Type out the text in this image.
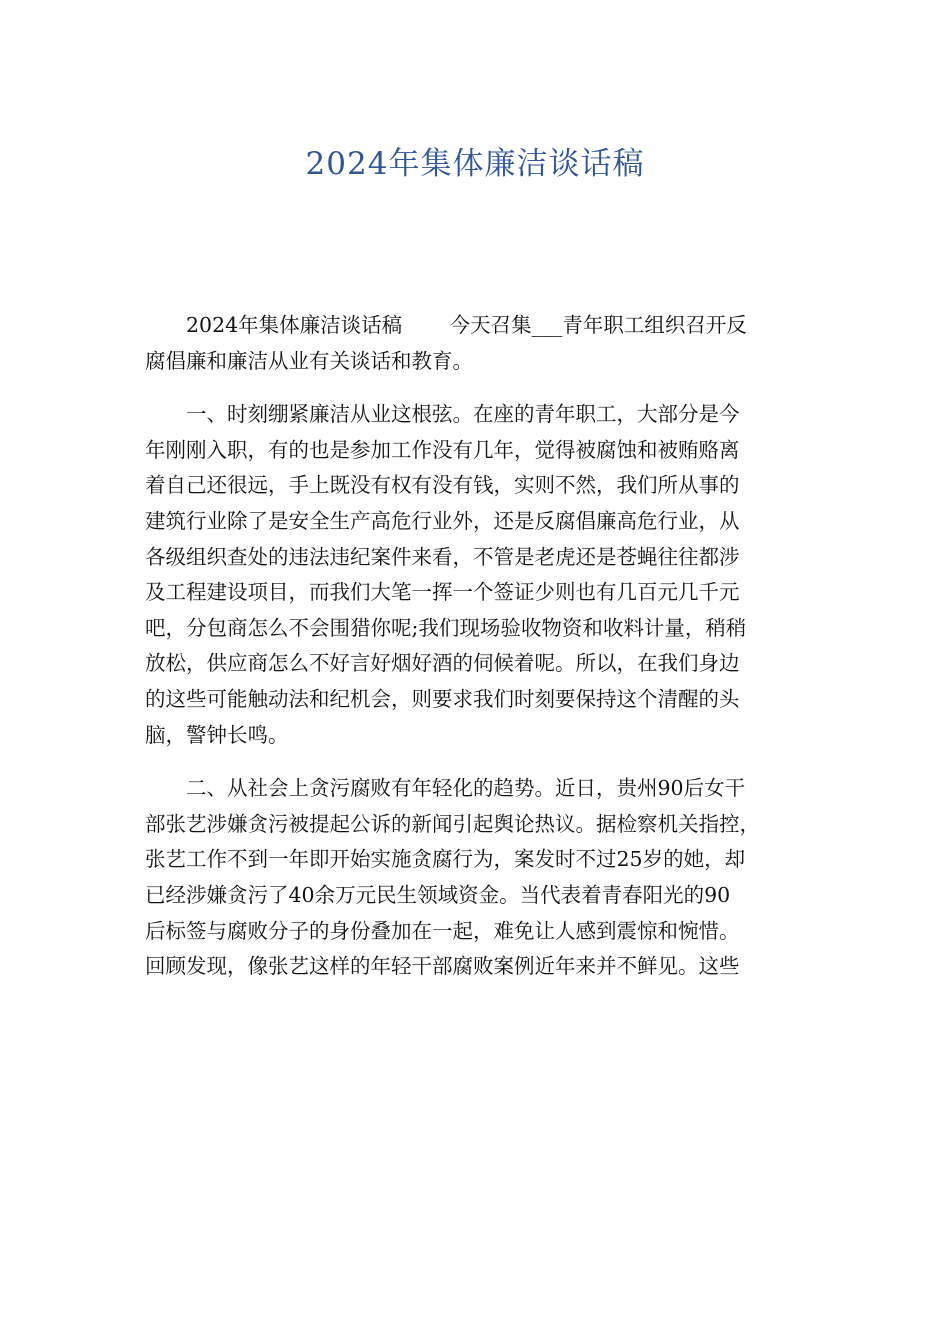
2024年集体廉洁谈话稿
　　2024年集体廉洁谈话稿　　 今天召集___青年职工组织召开反
腐倡廉和廉洁从业有关谈话和教育。
　　一、时刻绷紧廉洁从业这根弦。在座的青年职工，大部分是今
年刚刚入职，有的也是参加工作没有几年，觉得被腐蚀和被贿赂离
着自己还很远，手上既没有权有没有钱，实则不然，我们所从事的
建筑行业除了是安全生产高危行业外，还是反腐倡廉高危行业，从
各级组织查处的违法违纪案件来看，不管是老虎还是苍蝇往往都涉
及工程建设项目，而我们大笔一挥一个签证少则也有几百元几千元
吧，分包商怎么不会围猎你呢;我们现场验收物资和收料计量，稍稍
放松，供应商怎么不好言好烟好酒的伺候着呢。所以，在我们身边
的这些可能触动法和纪机会，则要求我们时刻要保持这个清醒的头
脑，警钟长鸣。
　　二、从社会上贪污腐败有年轻化的趋势。近日，贵州90后女干
部张艺涉嫌贪污被提起公诉的新闻引起舆论热议。据检察机关指控，
张艺工作不到一年即开始实施贪腐行为，案发时不过25岁的她，却
已经涉嫌贪污了40余万元民生领域资金。当代表着青春阳光的90
后标签与腐败分子的身份叠加在一起，难免让人感到震惊和惋惜。
回顾发现，像张艺这样的年轻干部腐败案例近年来并不鲜见。这些
